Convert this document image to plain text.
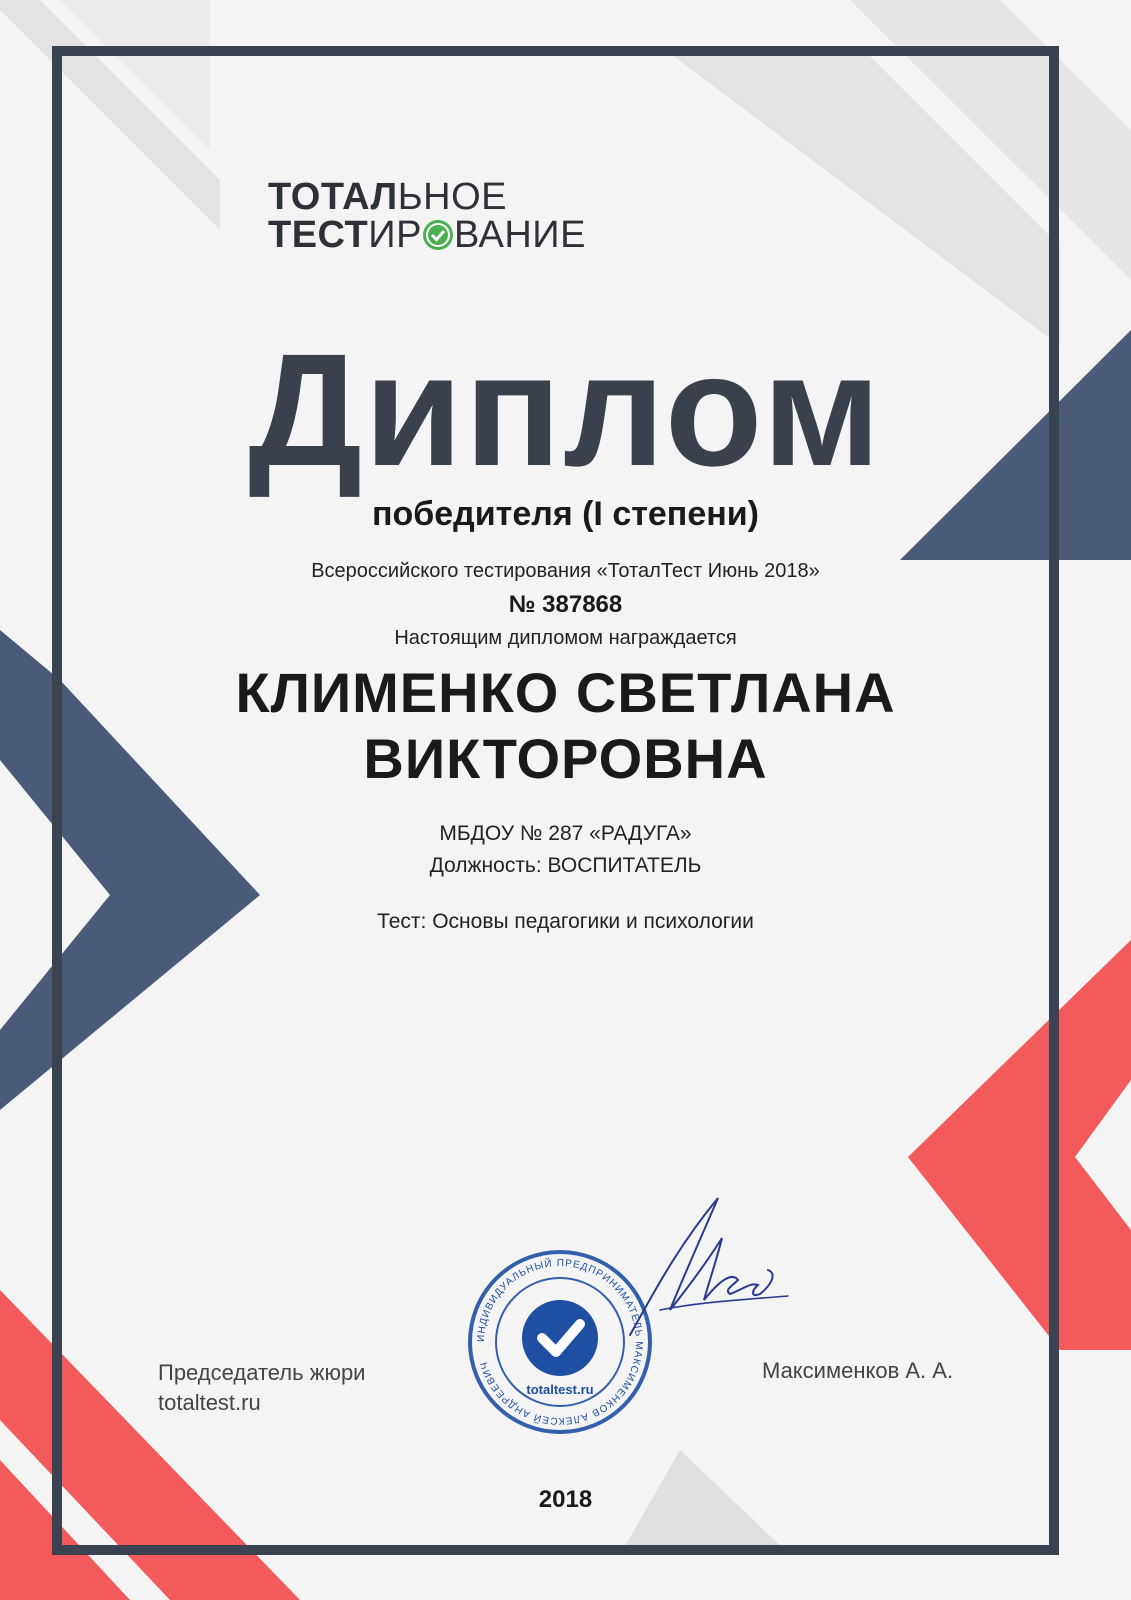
ТОТАЛЬНОЕ
ТЕСТИР ВАНИЕ
Диплом
победителя (I степени)
Всероссийского тестирования «ТоталТест Июнь 2018»
№ 387868
Настоящим дипломом награждается
КЛИМЕНКО СВЕТЛАНА
ВИКТОРОВНА
МБДОУ № 287 «РАДУГА»
Должность: ВОСПИТАТЕЛЬ
Тест: Основы педагогики и психологии
Председатель жюри
totaltest.ru
Максименков А. А.
ИНДИВИДУАЛЬНЫЙ ПРЕДПРИНИМАТЕЛЬ МАКСИМЕНКОВ АЛЕКСЕЙ АНДРЕЕВИЧ
totaltest.ru
2018
